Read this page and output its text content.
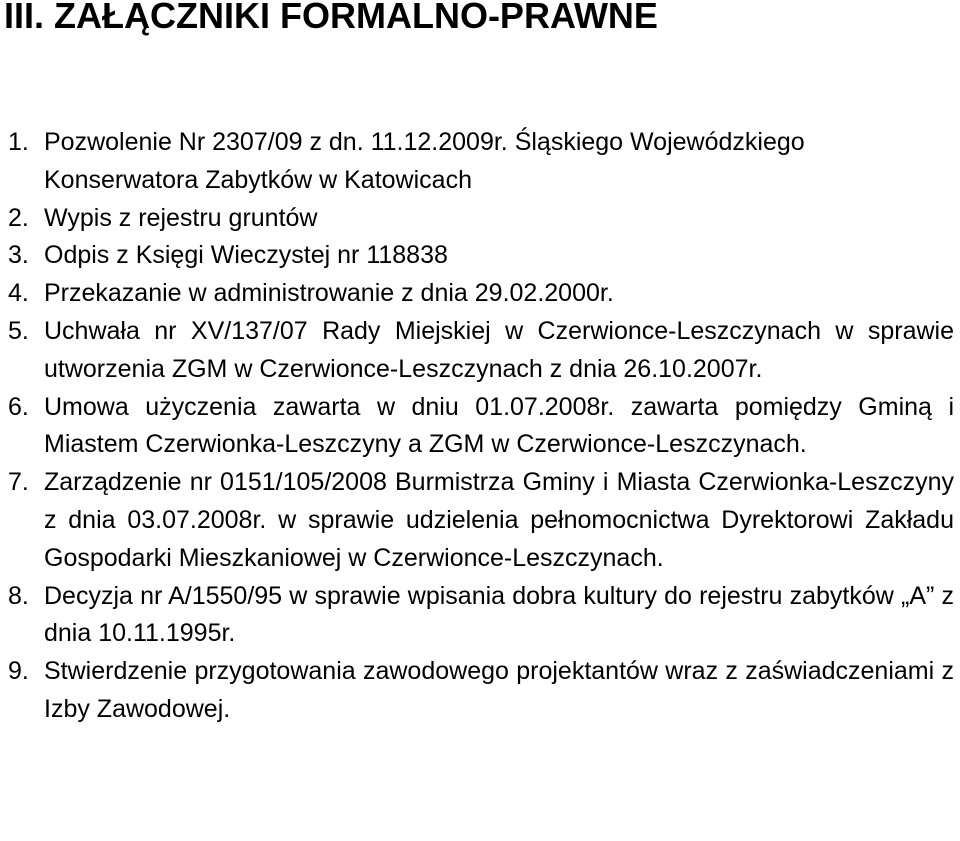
III. ZAŁĄCZNIKI FORMALNO-PRAWNE
1. Pozwolenie Nr 2307/09 z dn. 11.12.2009r. Śląskiego Wojewódzkiego Konserwatora Zabytków w Katowicach
2. Wypis z rejestru gruntów
3. Odpis z Księgi Wieczystej nr 118838
4. Przekazanie w administrowanie z dnia 29.02.2000r.
5. Uchwała nr XV/137/07 Rady Miejskiej w Czerwionce-Leszczynach w sprawie utworzenia ZGM w Czerwionce-Leszczynach z dnia 26.10.2007r.
6. Umowa użyczenia zawarta w dniu 01.07.2008r. zawarta pomiędzy Gminą i Miastem Czerwionka-Leszczyny a ZGM w Czerwionce-Leszczynach.
7. Zarządzenie nr 0151/105/2008 Burmistrza Gminy i Miasta Czerwionka-Leszczyny z dnia 03.07.2008r. w sprawie udzielenia pełnomocnictwa Dyrektorowi Zakładu Gospodarki Mieszkaniowej w Czerwionce-Leszczynach.
8. Decyzja nr A/1550/95 w sprawie wpisania dobra kultury do rejestru zabytków „A” z dnia 10.11.1995r.
9. Stwierdzenie przygotowania zawodowego projektantów wraz z zaświadczeniami z Izby Zawodowej.
